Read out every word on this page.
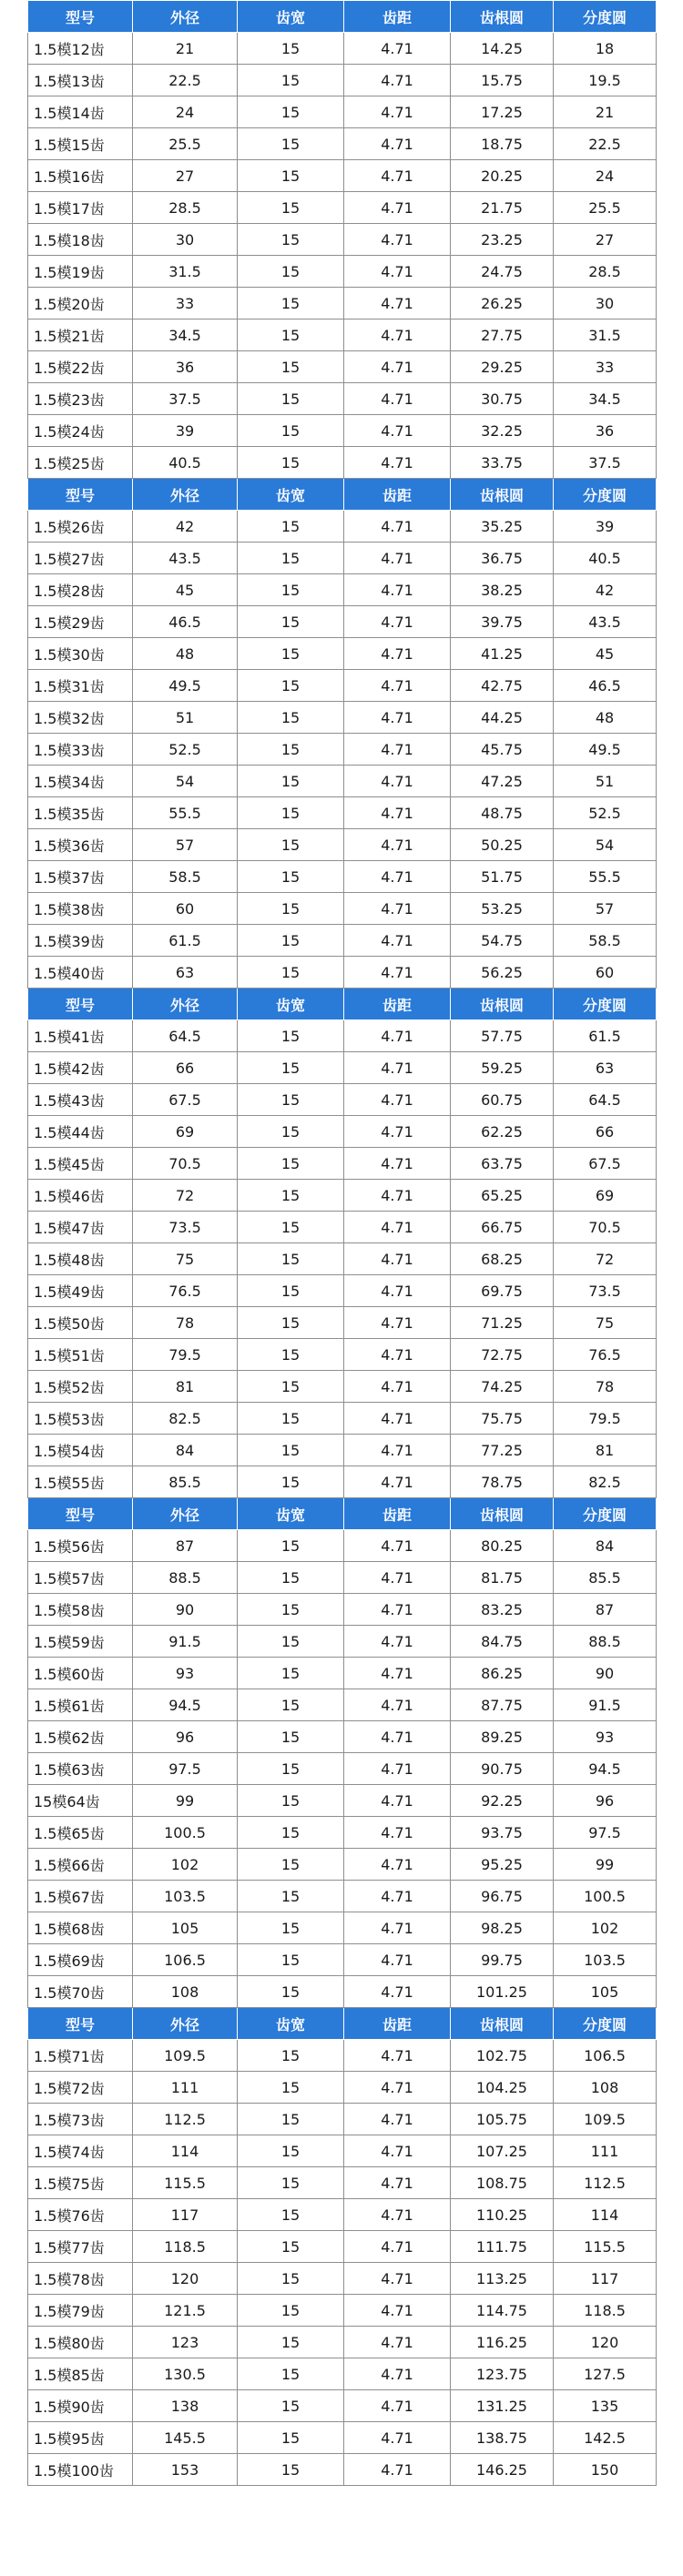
型号	外径	齿宽	齿距	齿根圆	分度圆
1.5模12齿	21	15	4.71	14.25	18
1.5模13齿	22.5	15	4.71	15.75	19.5
1.5模14齿	24	15	4.71	17.25	21
1.5模15齿	25.5	15	4.71	18.75	22.5
1.5模16齿	27	15	4.71	20.25	24
1.5模17齿	28.5	15	4.71	21.75	25.5
1.5模18齿	30	15	4.71	23.25	27
1.5模19齿	31.5	15	4.71	24.75	28.5
1.5模20齿	33	15	4.71	26.25	30
1.5模21齿	34.5	15	4.71	27.75	31.5
1.5模22齿	36	15	4.71	29.25	33
1.5模23齿	37.5	15	4.71	30.75	34.5
1.5模24齿	39	15	4.71	32.25	36
1.5模25齿	40.5	15	4.71	33.75	37.5
型号	外径	齿宽	齿距	齿根圆	分度圆
1.5模26齿	42	15	4.71	35.25	39
1.5模27齿	43.5	15	4.71	36.75	40.5
1.5模28齿	45	15	4.71	38.25	42
1.5模29齿	46.5	15	4.71	39.75	43.5
1.5模30齿	48	15	4.71	41.25	45
1.5模31齿	49.5	15	4.71	42.75	46.5
1.5模32齿	51	15	4.71	44.25	48
1.5模33齿	52.5	15	4.71	45.75	49.5
1.5模34齿	54	15	4.71	47.25	51
1.5模35齿	55.5	15	4.71	48.75	52.5
1.5模36齿	57	15	4.71	50.25	54
1.5模37齿	58.5	15	4.71	51.75	55.5
1.5模38齿	60	15	4.71	53.25	57
1.5模39齿	61.5	15	4.71	54.75	58.5
1.5模40齿	63	15	4.71	56.25	60
型号	外径	齿宽	齿距	齿根圆	分度圆
1.5模41齿	64.5	15	4.71	57.75	61.5
1.5模42齿	66	15	4.71	59.25	63
1.5模43齿	67.5	15	4.71	60.75	64.5
1.5模44齿	69	15	4.71	62.25	66
1.5模45齿	70.5	15	4.71	63.75	67.5
1.5模46齿	72	15	4.71	65.25	69
1.5模47齿	73.5	15	4.71	66.75	70.5
1.5模48齿	75	15	4.71	68.25	72
1.5模49齿	76.5	15	4.71	69.75	73.5
1.5模50齿	78	15	4.71	71.25	75
1.5模51齿	79.5	15	4.71	72.75	76.5
1.5模52齿	81	15	4.71	74.25	78
1.5模53齿	82.5	15	4.71	75.75	79.5
1.5模54齿	84	15	4.71	77.25	81
1.5模55齿	85.5	15	4.71	78.75	82.5
型号	外径	齿宽	齿距	齿根圆	分度圆
1.5模56齿	87	15	4.71	80.25	84
1.5模57齿	88.5	15	4.71	81.75	85.5
1.5模58齿	90	15	4.71	83.25	87
1.5模59齿	91.5	15	4.71	84.75	88.5
1.5模60齿	93	15	4.71	86.25	90
1.5模61齿	94.5	15	4.71	87.75	91.5
1.5模62齿	96	15	4.71	89.25	93
1.5模63齿	97.5	15	4.71	90.75	94.5
15模64齿	99	15	4.71	92.25	96
1.5模65齿	100.5	15	4.71	93.75	97.5
1.5模66齿	102	15	4.71	95.25	99
1.5模67齿	103.5	15	4.71	96.75	100.5
1.5模68齿	105	15	4.71	98.25	102
1.5模69齿	106.5	15	4.71	99.75	103.5
1.5模70齿	108	15	4.71	101.25	105
型号	外径	齿宽	齿距	齿根圆	分度圆
1.5模71齿	109.5	15	4.71	102.75	106.5
1.5模72齿	111	15	4.71	104.25	108
1.5模73齿	112.5	15	4.71	105.75	109.5
1.5模74齿	114	15	4.71	107.25	111
1.5模75齿	115.5	15	4.71	108.75	112.5
1.5模76齿	117	15	4.71	110.25	114
1.5模77齿	118.5	15	4.71	111.75	115.5
1.5模78齿	120	15	4.71	113.25	117
1.5模79齿	121.5	15	4.71	114.75	118.5
1.5模80齿	123	15	4.71	116.25	120
1.5模85齿	130.5	15	4.71	123.75	127.5
1.5模90齿	138	15	4.71	131.25	135
1.5模95齿	145.5	15	4.71	138.75	142.5
1.5模100齿	153	15	4.71	146.25	150
